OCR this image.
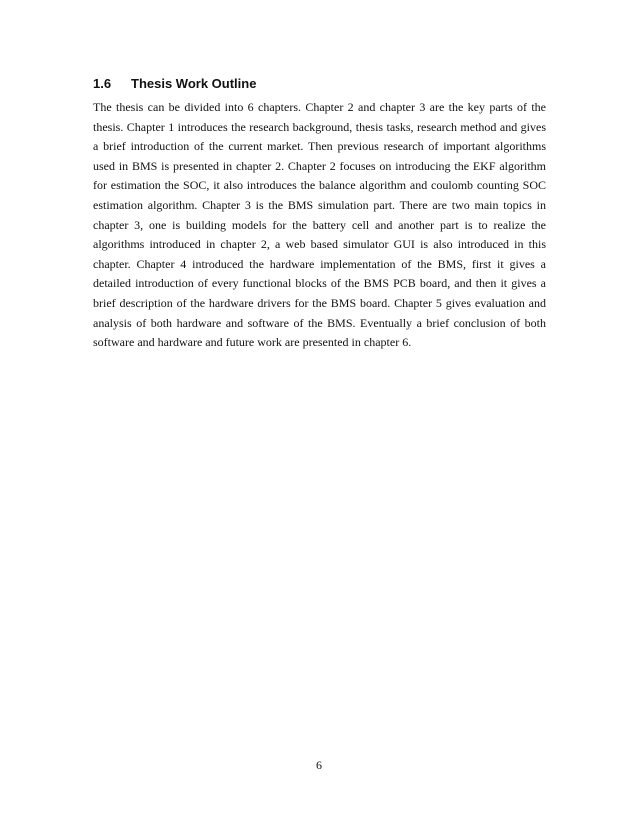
1.6 Thesis Work Outline

The thesis can be divided into 6 chapters. Chapter 2 and chapter 3 are the key parts of the thesis. Chapter 1 introduces the research background, thesis tasks, research method and gives a brief introduction of the current market. Then previous research of important algorithms used in BMS is presented in chapter 2. Chapter 2 focuses on introducing the EKF algorithm for estimation the SOC, it also introduces the balance algorithm and coulomb counting SOC estimation algorithm. Chapter 3 is the BMS simulation part. There are two main topics in chapter 3, one is building models for the battery cell and another part is to realize the algorithms introduced in chapter 2, a web based simulator GUI is also introduced in this chapter. Chapter 4 introduced the hardware implementation of the BMS, first it gives a detailed introduction of every functional blocks of the BMS PCB board, and then it gives a brief description of the hardware drivers for the BMS board. Chapter 5 gives evaluation and analysis of both hardware and software of the BMS. Eventually a brief conclusion of both software and hardware and future work are presented in chapter 6.

6
